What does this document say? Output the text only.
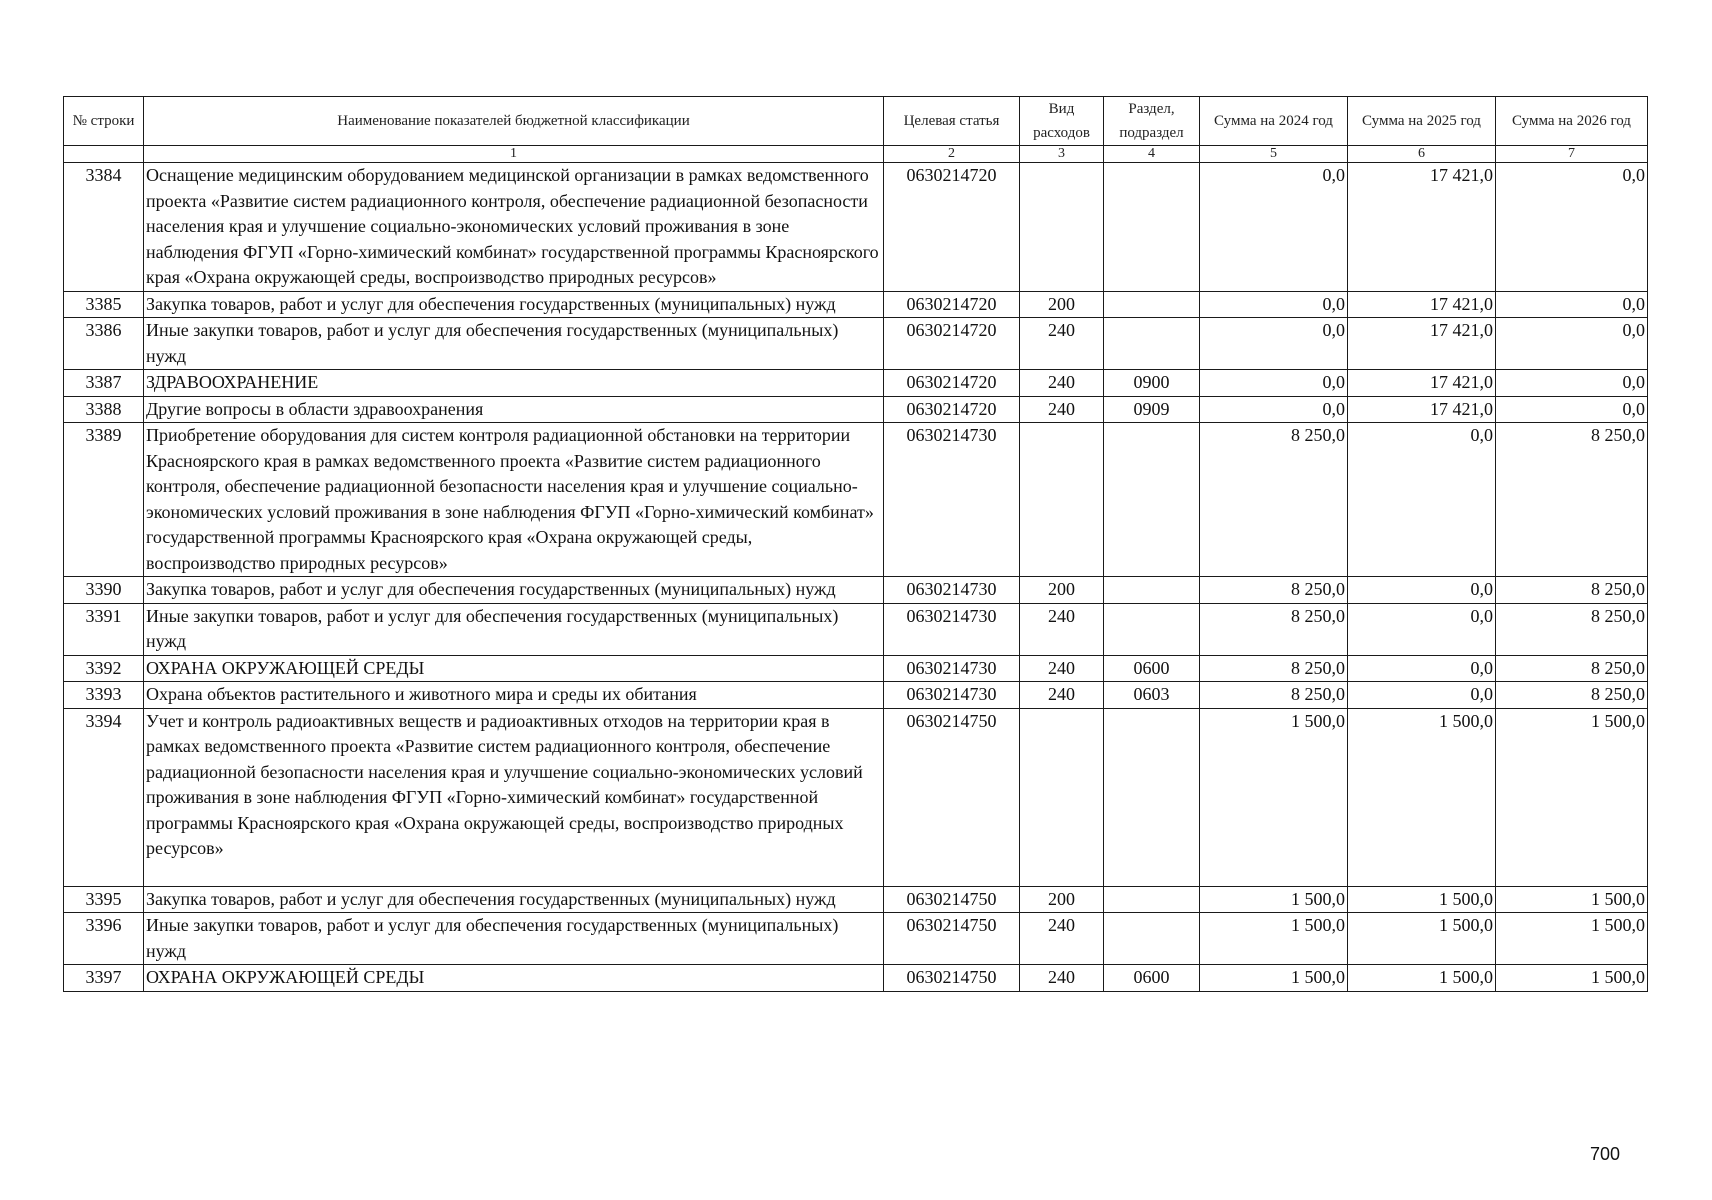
№ строки	Наименование показателей бюджетной классификации	Целевая статья	Вид расходов	Раздел, подраздел	Сумма на 2024 год	Сумма на 2025 год	Сумма на 2026 год
	1	2	3	4	5	6	7
3384	Оснащение медицинским оборудованием медицинской организации в рамках ведомственного проекта «Развитие систем радиационного контроля, обеспечение радиационной безопасности населения края и улучшение социально-экономических условий проживания в зоне наблюдения ФГУП «Горно-химический комбинат» государственной программы Красноярского края «Охрана окружающей среды, воспроизводство природных ресурсов»	0630214720			0,0	17 421,0	0,0
3385	Закупка товаров, работ и услуг для обеспечения государственных (муниципальных) нужд	0630214720	200		0,0	17 421,0	0,0
3386	Иные закупки товаров, работ и услуг для обеспечения государственных (муниципальных) нужд	0630214720	240		0,0	17 421,0	0,0
3387	ЗДРАВООХРАНЕНИЕ	0630214720	240	0900	0,0	17 421,0	0,0
3388	Другие вопросы в области здравоохранения	0630214720	240	0909	0,0	17 421,0	0,0
3389	Приобретение оборудования для систем контроля радиационной обстановки на территории Красноярского края в рамках ведомственного проекта «Развитие систем радиационного контроля, обеспечение радиационной безопасности населения края и улучшение социально-экономических условий проживания в зоне наблюдения ФГУП «Горно-химический комбинат» государственной программы Красноярского края «Охрана окружающей среды, воспроизводство природных ресурсов»	0630214730			8 250,0	0,0	8 250,0
3390	Закупка товаров, работ и услуг для обеспечения государственных (муниципальных) нужд	0630214730	200		8 250,0	0,0	8 250,0
3391	Иные закупки товаров, работ и услуг для обеспечения государственных (муниципальных) нужд	0630214730	240		8 250,0	0,0	8 250,0
3392	ОХРАНА ОКРУЖАЮЩЕЙ СРЕДЫ	0630214730	240	0600	8 250,0	0,0	8 250,0
3393	Охрана объектов растительного и животного мира и среды их обитания	0630214730	240	0603	8 250,0	0,0	8 250,0
3394	Учет и контроль радиоактивных веществ и радиоактивных отходов на территории края в рамках ведомственного проекта «Развитие систем радиационного контроля, обеспечение радиационной безопасности населения края и улучшение социально-экономических условий проживания в зоне наблюдения ФГУП «Горно-химический комбинат» государственной программы Красноярского края «Охрана окружающей среды, воспроизводство природных ресурсов»	0630214750			1 500,0	1 500,0	1 500,0
3395	Закупка товаров, работ и услуг для обеспечения государственных (муниципальных) нужд	0630214750	200		1 500,0	1 500,0	1 500,0
3396	Иные закупки товаров, работ и услуг для обеспечения государственных (муниципальных) нужд	0630214750	240		1 500,0	1 500,0	1 500,0
3397	ОХРАНА ОКРУЖАЮЩЕЙ СРЕДЫ	0630214750	240	0600	1 500,0	1 500,0	1 500,0
700
